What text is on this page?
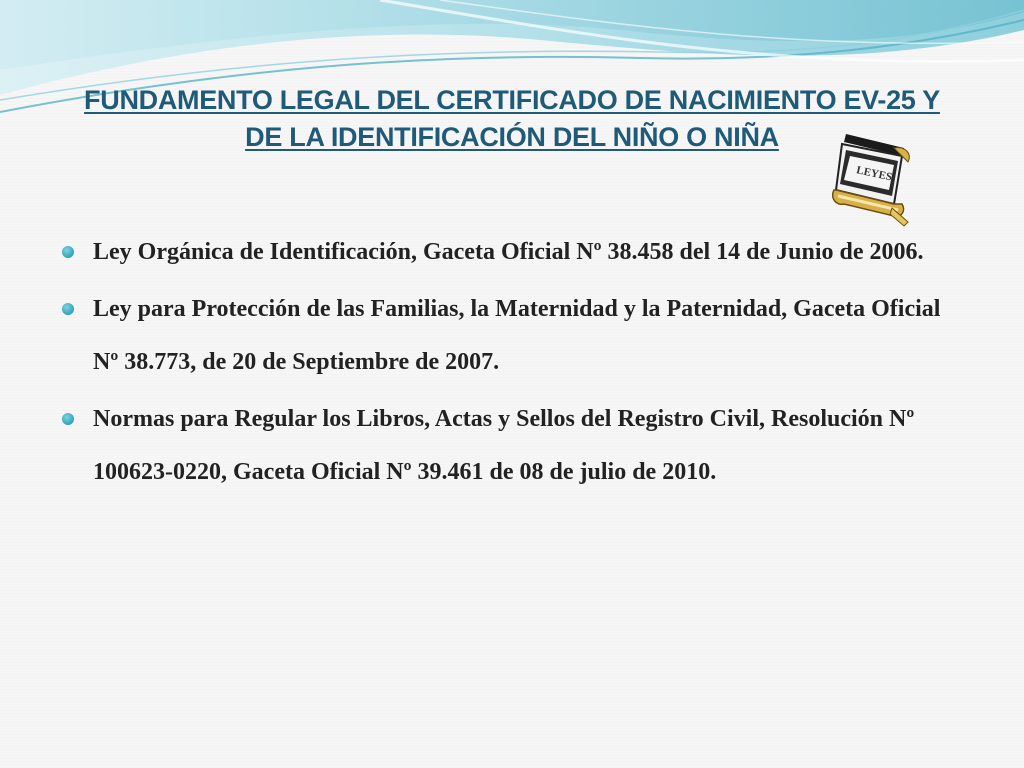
FUNDAMENTO LEGAL DEL CERTIFICADO DE NACIMIENTO EV-25 Y
DE LA IDENTIFICACIÓN DEL NIÑO O NIÑA
LEYES
Ley Orgánica de Identificación, Gaceta Oficial Nº 38.458 del 14 de Junio de 2006.
Ley para Protección de las Familias, la Maternidad y la Paternidad, Gaceta Oficial Nº 38.773, de 20 de Septiembre de 2007.
Normas para Regular los Libros, Actas y Sellos del Registro Civil, Resolución Nº 100623-0220, Gaceta Oficial Nº 39.461 de 08 de julio de 2010.
